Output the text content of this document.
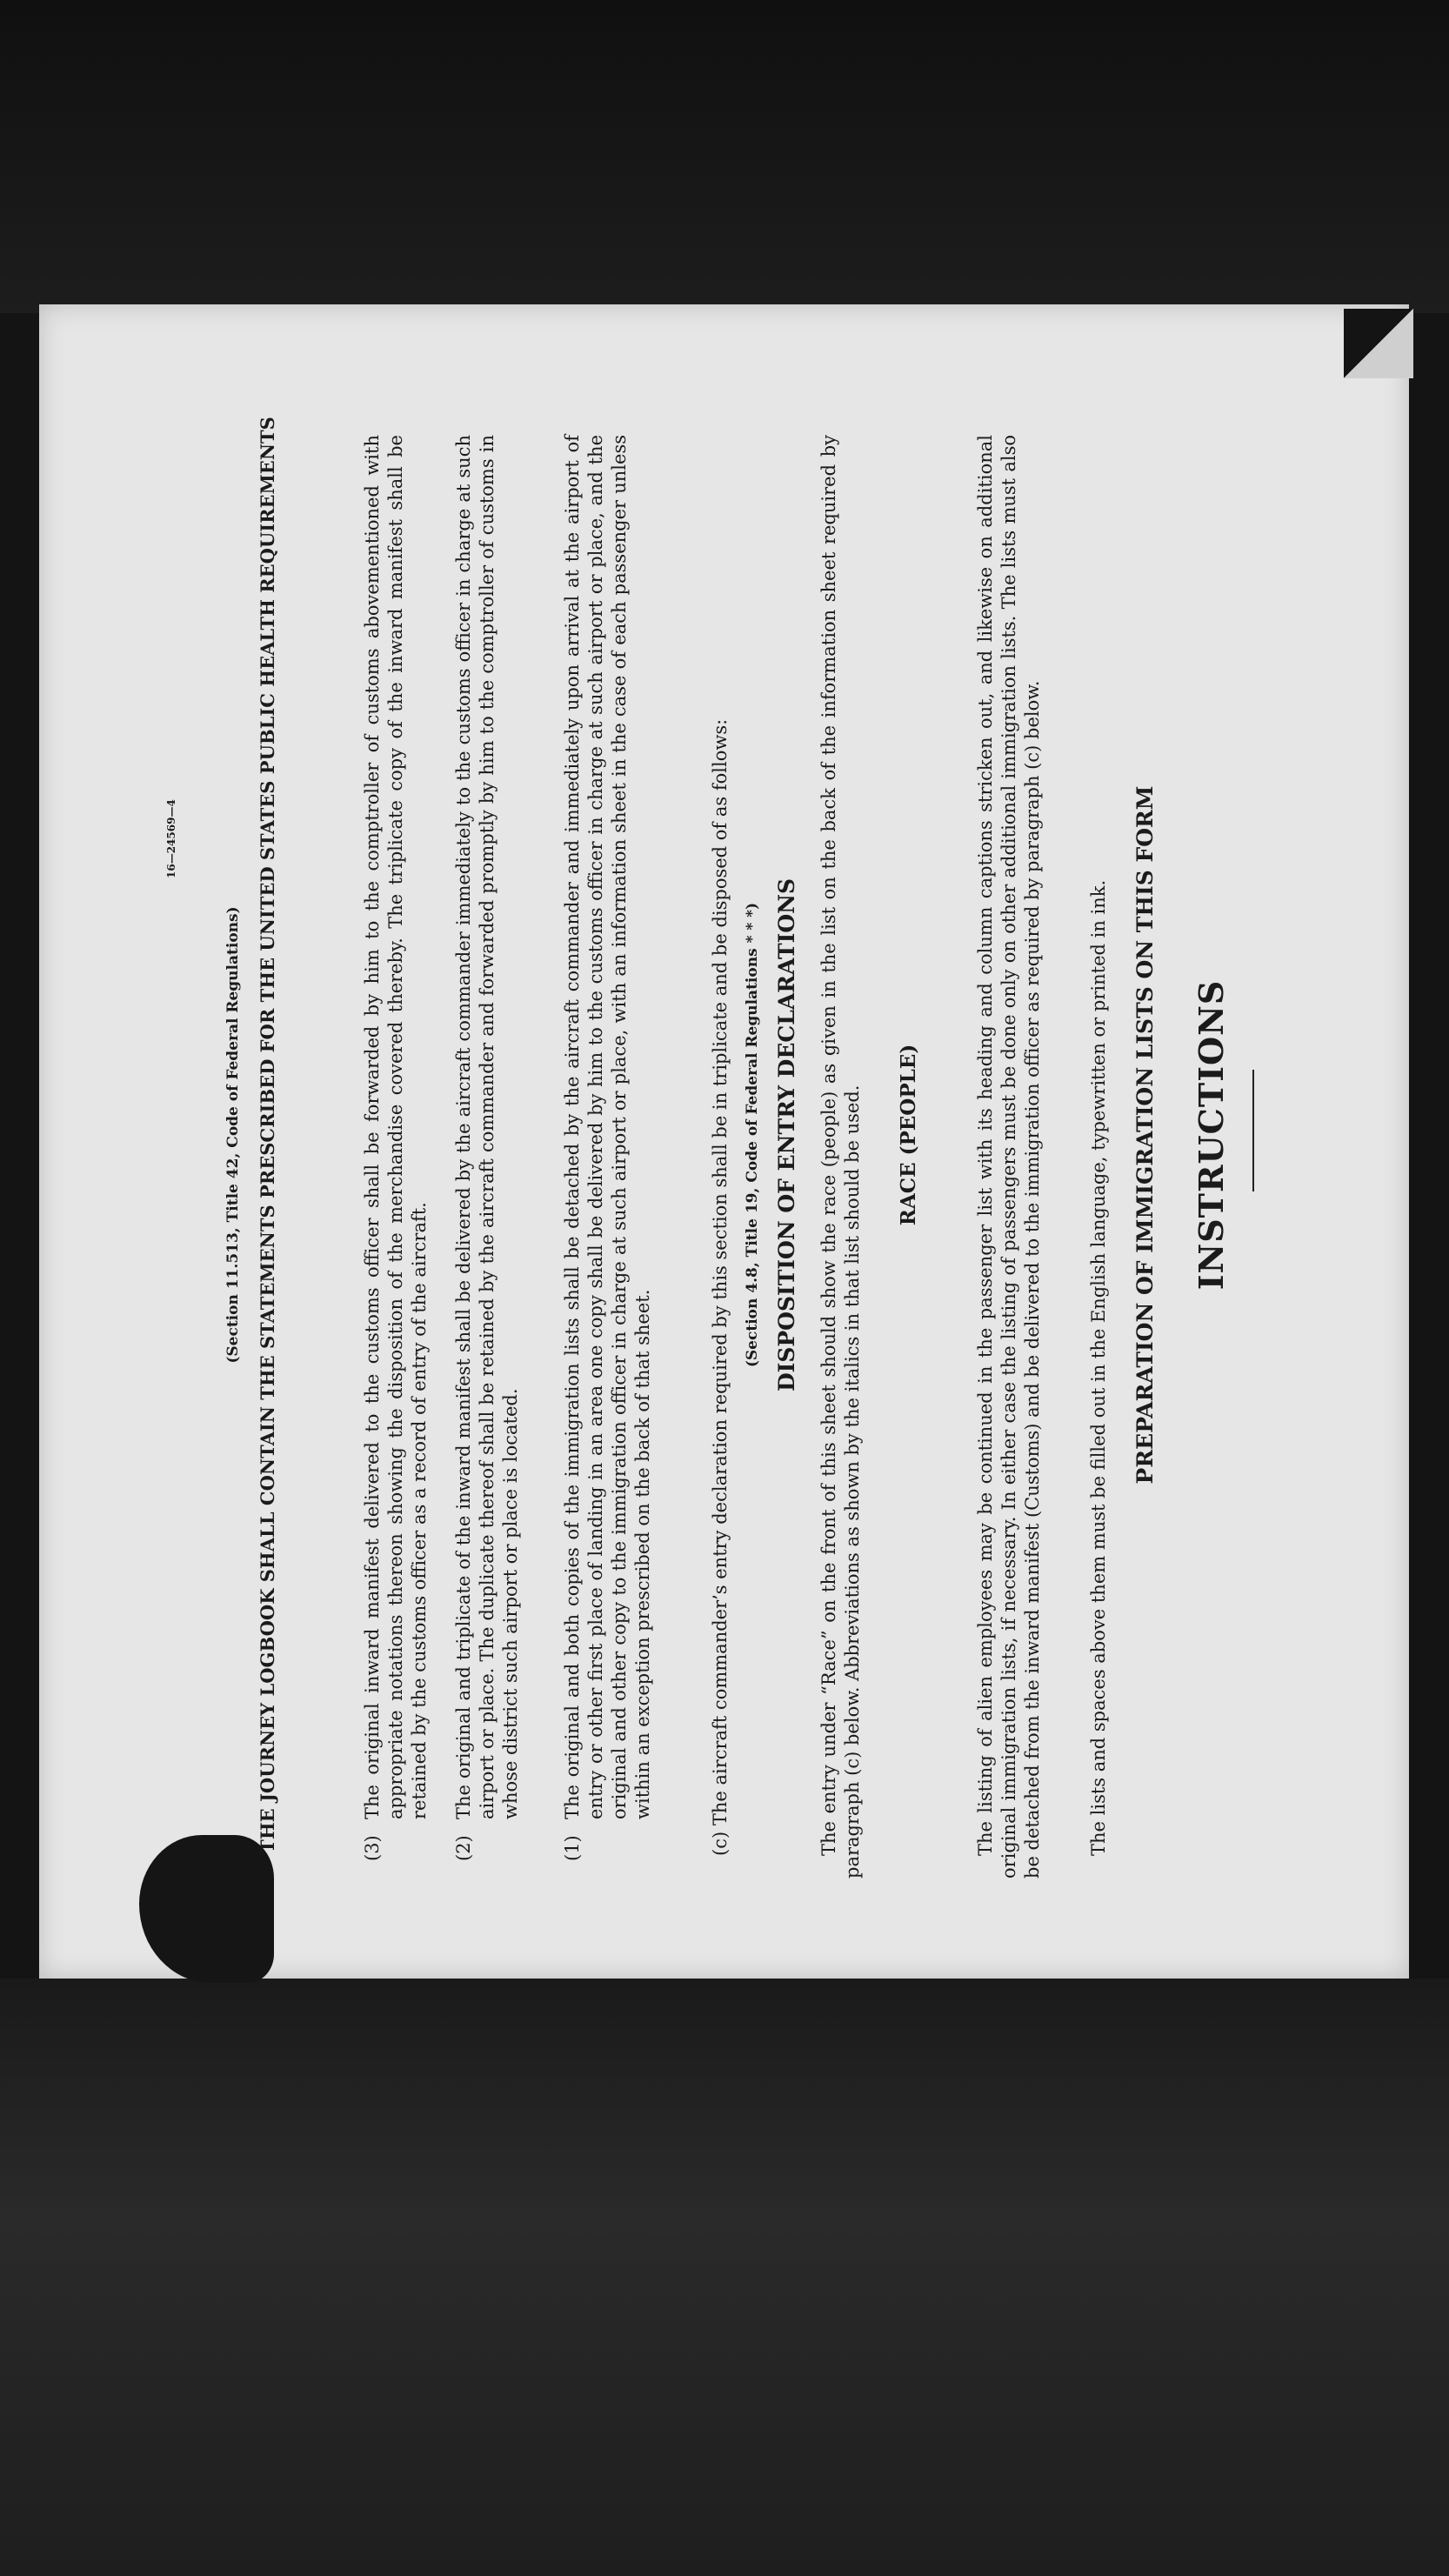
INSTRUCTIONS
PREPARATION OF IMMIGRATION LISTS ON THIS FORM
The lists and spaces above them must be filled out in the English language, typewritten or printed in ink.
The listing of alien employees may be continued in the passenger list with its heading and column captions stricken out, and likewise on additional original immigration lists, if necessary. In either case the listing of passengers must be done only on other additional immigration lists. The lists must also be detached from the inward manifest (Customs) and be delivered to the immigration officer as required by paragraph (c) below.
RACE (PEOPLE)
The entry under “Race” on the front of this sheet should show the race (people) as given in the list on the back of the information sheet required by paragraph (c) below. Abbreviations as shown by the italics in that list should be used.
DISPOSITION OF ENTRY DECLARATIONS
(Section 4.8, Title 19, Code of Federal Regulations * * *)
(c) The aircraft commander’s entry declaration required by this section shall be in triplicate and be disposed of as follows:
(1)
The original and both copies of the immigration lists shall be detached by the aircraft commander and immediately upon arrival at the airport of entry or other first place of landing in an area one copy shall be delivered by him to the customs officer in charge at such airport or place, and the original and other copy to the immigration officer in charge at such airport or place, with an information sheet in the case of each passenger unless within an exception prescribed on the back of that sheet.
(2)
The original and triplicate of the inward manifest shall be delivered by the aircraft commander immediately to the customs officer in charge at such airport or place. The duplicate thereof shall be retained by the aircraft commander and forwarded promptly by him to the comptroller of customs in whose district such airport or place is located.
(3)
The original inward manifest delivered to the customs officer shall be forwarded by him to the comptroller of customs abovementioned with appropriate notations thereon showing the disposition of the merchandise covered thereby. The triplicate copy of the inward manifest shall be retained by the customs officer as a record of entry of the aircraft.
THE JOURNEY LOGBOOK SHALL CONTAIN THE STATEMENTS PRESCRIBED FOR THE UNITED STATES PUBLIC HEALTH REQUIREMENTS
(Section 11.513, Title 42, Code of Federal Regulations)
16—24569—4
